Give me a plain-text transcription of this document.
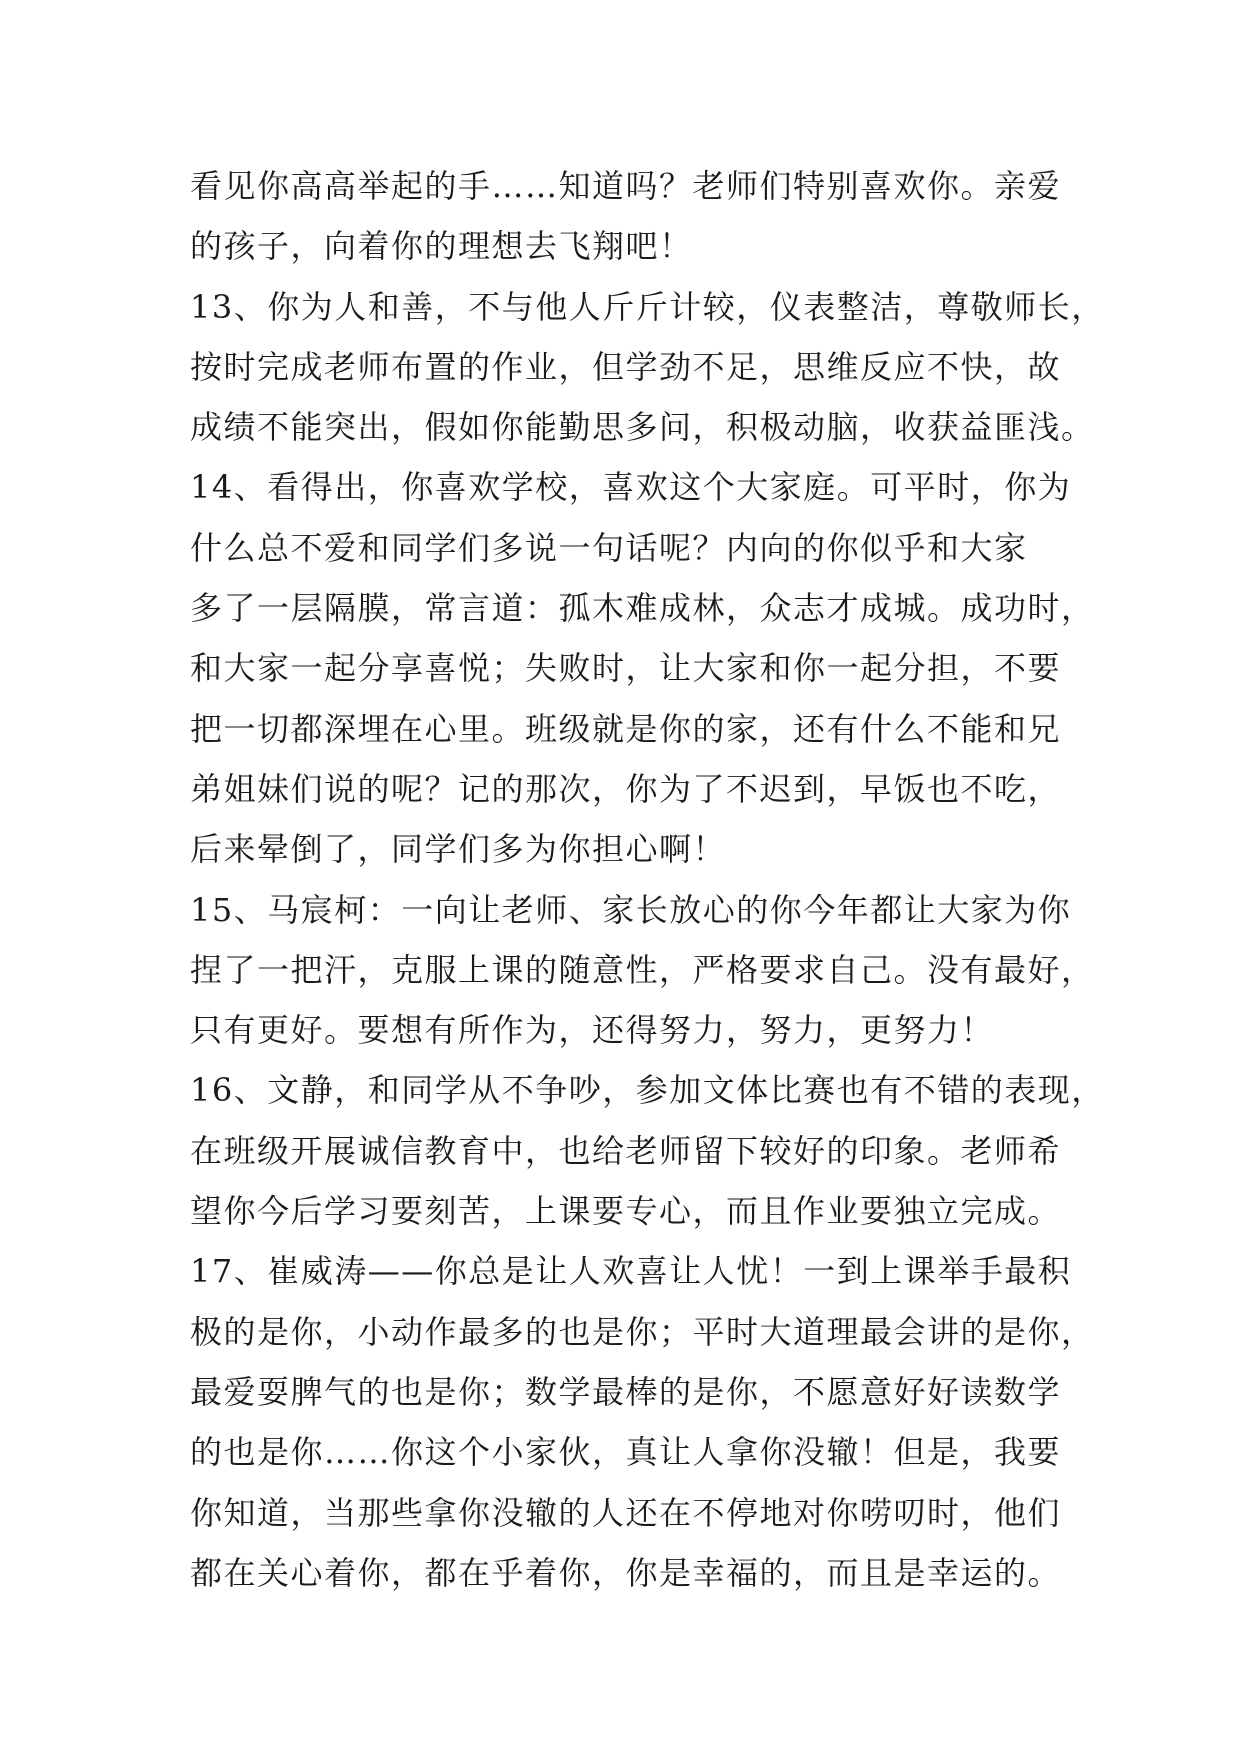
看见你高高举起的手……知道吗？老师们特别喜欢你。亲爱
的孩子，向着你的理想去飞翔吧！
13、你为人和善，不与他人斤斤计较，仪表整洁，尊敬师长，
按时完成老师布置的作业，但学劲不足，思维反应不快，故
成绩不能突出，假如你能勤思多问，积极动脑，收获益匪浅。
14、看得出，你喜欢学校，喜欢这个大家庭。可平时，你为
什么总不爱和同学们多说一句话呢？内向的你似乎和大家
多了一层隔膜，常言道：孤木难成林，众志才成城。成功时，
和大家一起分享喜悦；失败时，让大家和你一起分担，不要
把一切都深埋在心里。班级就是你的家，还有什么不能和兄
弟姐妹们说的呢？记的那次，你为了不迟到，早饭也不吃，
后来晕倒了，同学们多为你担心啊！
15、马宸柯：一向让老师、家长放心的你今年都让大家为你
捏了一把汗，克服上课的随意性，严格要求自己。没有最好，
只有更好。要想有所作为，还得努力，努力，更努力！
16、文静，和同学从不争吵，参加文体比赛也有不错的表现，
在班级开展诚信教育中，也给老师留下较好的印象。老师希
望你今后学习要刻苦，上课要专心，而且作业要独立完成。
17、崔威涛——你总是让人欢喜让人忧！一到上课举手最积
极的是你，小动作最多的也是你；平时大道理最会讲的是你，
最爱耍脾气的也是你；数学最棒的是你，不愿意好好读数学
的也是你……你这个小家伙，真让人拿你没辙！但是，我要
你知道，当那些拿你没辙的人还在不停地对你唠叨时，他们
都在关心着你，都在乎着你，你是幸福的，而且是幸运的。
